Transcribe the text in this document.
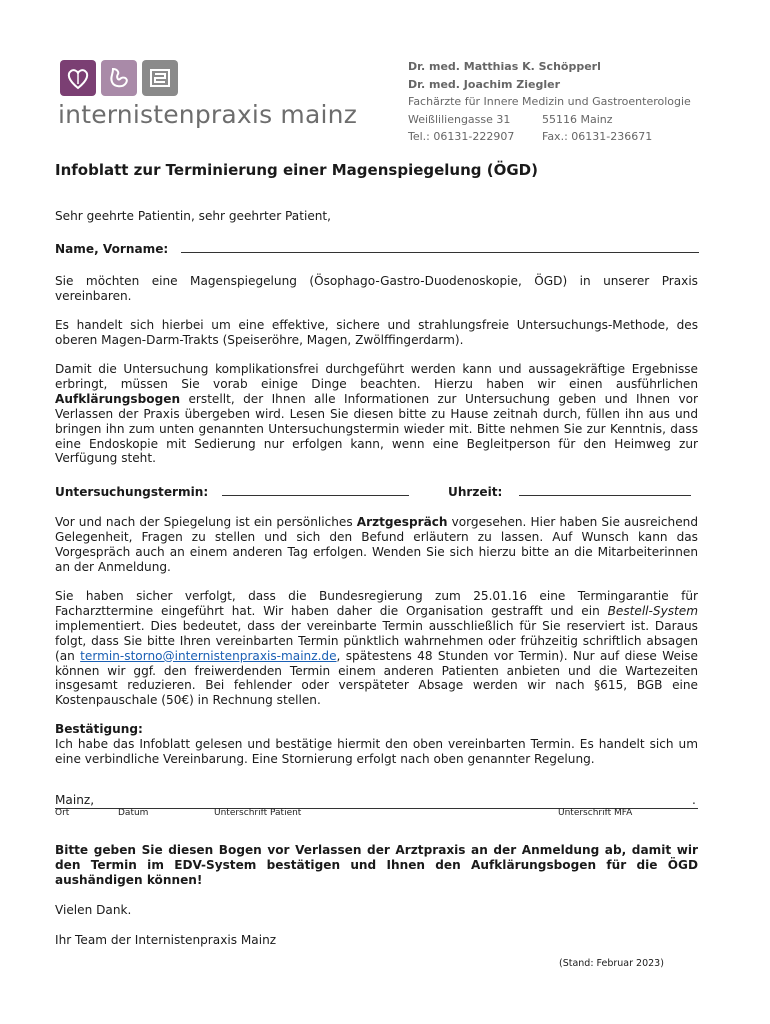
internistenpraxis mainz
Dr. med. Matthias K. Schöpperl
Dr. med. Joachim Ziegler
Fachärzte für Innere Medizin und Gastroenterologie
Weißliliengasse 31	55116 Mainz
Tel.: 06131-222907	Fax.: 06131-236671
Infoblatt zur Terminierung einer Magenspiegelung (ÖGD)
Sehr geehrte Patientin, sehr geehrter Patient,
Name, Vorname:
Sie möchten eine Magenspiegelung (Ösophago-Gastro-Duodenoskopie, ÖGD) in unserer Praxis vereinbaren.
Es handelt sich hierbei um eine effektive, sichere und strahlungsfreie Untersuchungs-Methode, des oberen Magen-Darm-Trakts (Speiseröhre, Magen, Zwölffingerdarm).
Damit die Untersuchung komplikationsfrei durchgeführt werden kann und aussagekräftige Ergebnisse erbringt, müssen Sie vorab einige Dinge beachten. Hierzu haben wir einen ausführlichen Aufklärungsbogen erstellt, der Ihnen alle Informationen zur Untersuchung geben und Ihnen vor Verlassen der Praxis übergeben wird. Lesen Sie diesen bitte zu Hause zeitnah durch, füllen ihn aus und bringen ihn zum unten genannten Untersuchungstermin wieder mit. Bitte nehmen Sie zur Kenntnis, dass eine Endoskopie mit Sedierung nur erfolgen kann, wenn eine Begleitperson für den Heimweg zur Verfügung steht.
Untersuchungstermin:	Uhrzeit:
Vor und nach der Spiegelung ist ein persönliches Arztgespräch vorgesehen. Hier haben Sie ausreichend Gelegenheit, Fragen zu stellen und sich den Befund erläutern zu lassen. Auf Wunsch kann das Vorgespräch auch an einem anderen Tag erfolgen. Wenden Sie sich hierzu bitte an die Mitarbeiterinnen an der Anmeldung.
Sie haben sicher verfolgt, dass die Bundesregierung zum 25.01.16 eine Termingarantie für Facharzttermine eingeführt hat. Wir haben daher die Organisation gestrafft und ein Bestell-System implementiert. Dies bedeutet, dass der vereinbarte Termin ausschließlich für Sie reserviert ist. Daraus folgt, dass Sie bitte Ihren vereinbarten Termin pünktlich wahrnehmen oder frühzeitig schriftlich absagen (an termin-storno@internistenpraxis-mainz.de, spätestens 48 Stunden vor Termin). Nur auf diese Weise können wir ggf. den freiwerdenden Termin einem anderen Patienten anbieten und die Wartezeiten insgesamt reduzieren. Bei fehlender oder verspäteter Absage werden wir nach §615, BGB eine Kostenpauschale (50€) in Rechnung stellen.
Bestätigung:
Ich habe das Infoblatt gelesen und bestätige hiermit den oben vereinbarten Termin. Es handelt sich um eine verbindliche Vereinbarung. Eine Stornierung erfolgt nach oben genannter Regelung.
Mainz,	.
Ort	Datum	Unterschrift Patient	Unterschrift MFA
Bitte geben Sie diesen Bogen vor Verlassen der Arztpraxis an der Anmeldung ab, damit wir den Termin im EDV-System bestätigen und Ihnen den Aufklärungsbogen für die ÖGD aushändigen können!
Vielen Dank.
Ihr Team der Internistenpraxis Mainz
(Stand: Februar 2023)
